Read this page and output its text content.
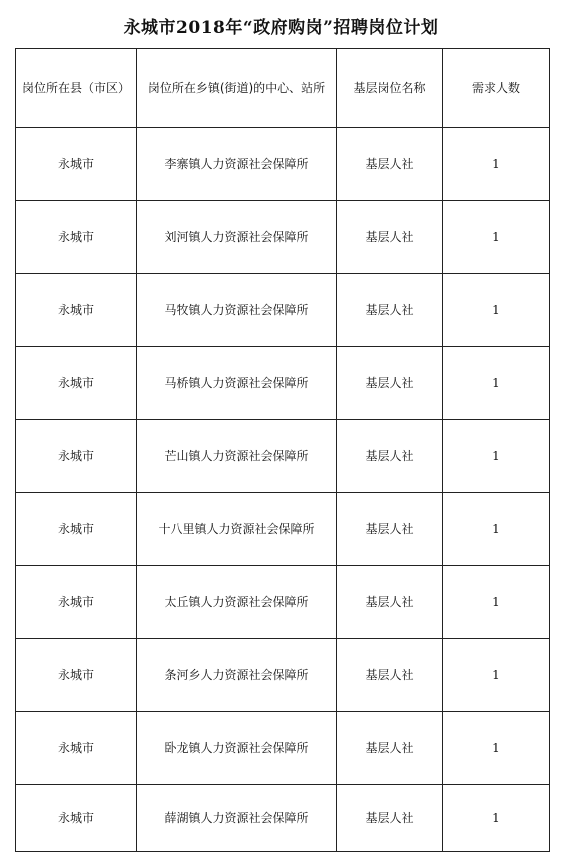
永城市2018年“政府购岗”招聘岗位计划
岗位所在县（市区）	岗位所在乡镇(街道)的中心、站所	基层岗位名称	需求人数
永城市	李寨镇人力资源社会保障所	基层人社	1
永城市	刘河镇人力资源社会保障所	基层人社	1
永城市	马牧镇人力资源社会保障所	基层人社	1
永城市	马桥镇人力资源社会保障所	基层人社	1
永城市	芒山镇人力资源社会保障所	基层人社	1
永城市	十八里镇人力资源社会保障所	基层人社	1
永城市	太丘镇人力资源社会保障所	基层人社	1
永城市	条河乡人力资源社会保障所	基层人社	1
永城市	卧龙镇人力资源社会保障所	基层人社	1
永城市	薛湖镇人力资源社会保障所	基层人社	1
